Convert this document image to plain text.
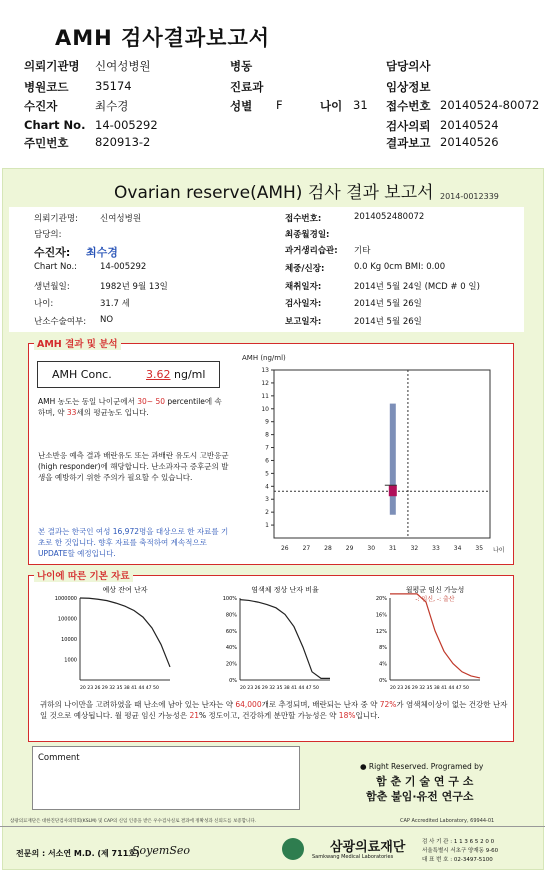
AMH 검사결과보고서
의뢰기관명 신여성병원	병동	담당의사
병원코드 35174	진료과	임상정보
수진자	최수경	성별 F	나이 31 접수번호 20140524-80072
Chart No. 14-005292	검사의뢰 20140524
주민번호 820913-2	결과보고 20140526
Ovarian reserve(AMH) 검사 결과 보고서 2014-0012339
의뢰기관명:	신여성병원
담당의:
수진자: 최수경
Chart No.:	14-005292
생년월일:	1982년 9월 13일
나이:	31.7 세
난소수술여부: NO
접수번호:	2014052480072
최종월경일:
과거생리습관: 기타
체중/신장:	0.0 Kg 0cm BMI: 0.00
채취일자:	2014년 5월 24일 (MCD # 0 일)
검사일자:	2014년 5월 26일
보고일자:	2014년 5월 26일
AMH 결과 및 분석
AMH Conc.	3.62 ng/ml
AMH 농도는 동일 나이군에서 30~ 50 percentile에 속하며, 약 33세의 평균농도 입니다.
난소반응 예측 결과 배란유도 또는 과배란 유도시 고반응군 (high responder)에 해당합니다. 난소과자극 증후군의 발생을 예방하기 위한 주의가 필요할 수 있습니다.
본 결과는 한국인 여성 16,972명을 대상으로 한 자료를 기초로 한 것입니다. 향후 자료를 축적하여 계속적으로 UPDATE할 예정입니다.
AMH (ng/ml)
1
2
3
4
5
6
7
8
9
10
11
12
13
26 27 28 29 30 31 32 33 34 35 나이
나이에 따른 기본 자료
예상 잔여 난자
1000000
100000
10000
1000
20 23 26 29 32 35 38 41 44 47 50
염색체 정상 난자 비율
100%
80%
60%
40%
20%
0%
20 23 26 29 32 35 38 41 44 47 50
월평균 임신 가능성
-: 임신, -: 출산
20%
16%
12%
8%
4%
0%
20 23 26 29 32 35 38 41 44 47 50
귀하의 나이만을 고려하였을 때 난소에 남아 있는 난자는 약 64,000개로 추정되며, 배란되는 난자 중 약 72%가 염색체이상이 없는 건강한 난자일 것으로 예상됩니다. 월 평균 임신 가능성은 21% 정도이고, 건강하게 분만할 가능성은 약 18%입니다.
Comment
● Right Reserved. Programed by
함 춘 기 술 연 구 소
함춘 불임·유전 연구소
삼광의료재단은 대한진단검사의학회(KSLM) 및 CAP의 신임 인증을 받은 우수검사실로 결과에 정확성과 신뢰도를 보증합니다.	CAP Accredited Laboratory, 69944-01
전문의 : 서소연 M.D. (제 711호)
SoyemSeo	삼광의료재단
Samkwang Medical Laboratories
검 사 기 관 : 1 1 3 6 5 2 0 0
서울특별시 서초구 양재동 9-60
대 표 번 호 : 02-3497-5100
